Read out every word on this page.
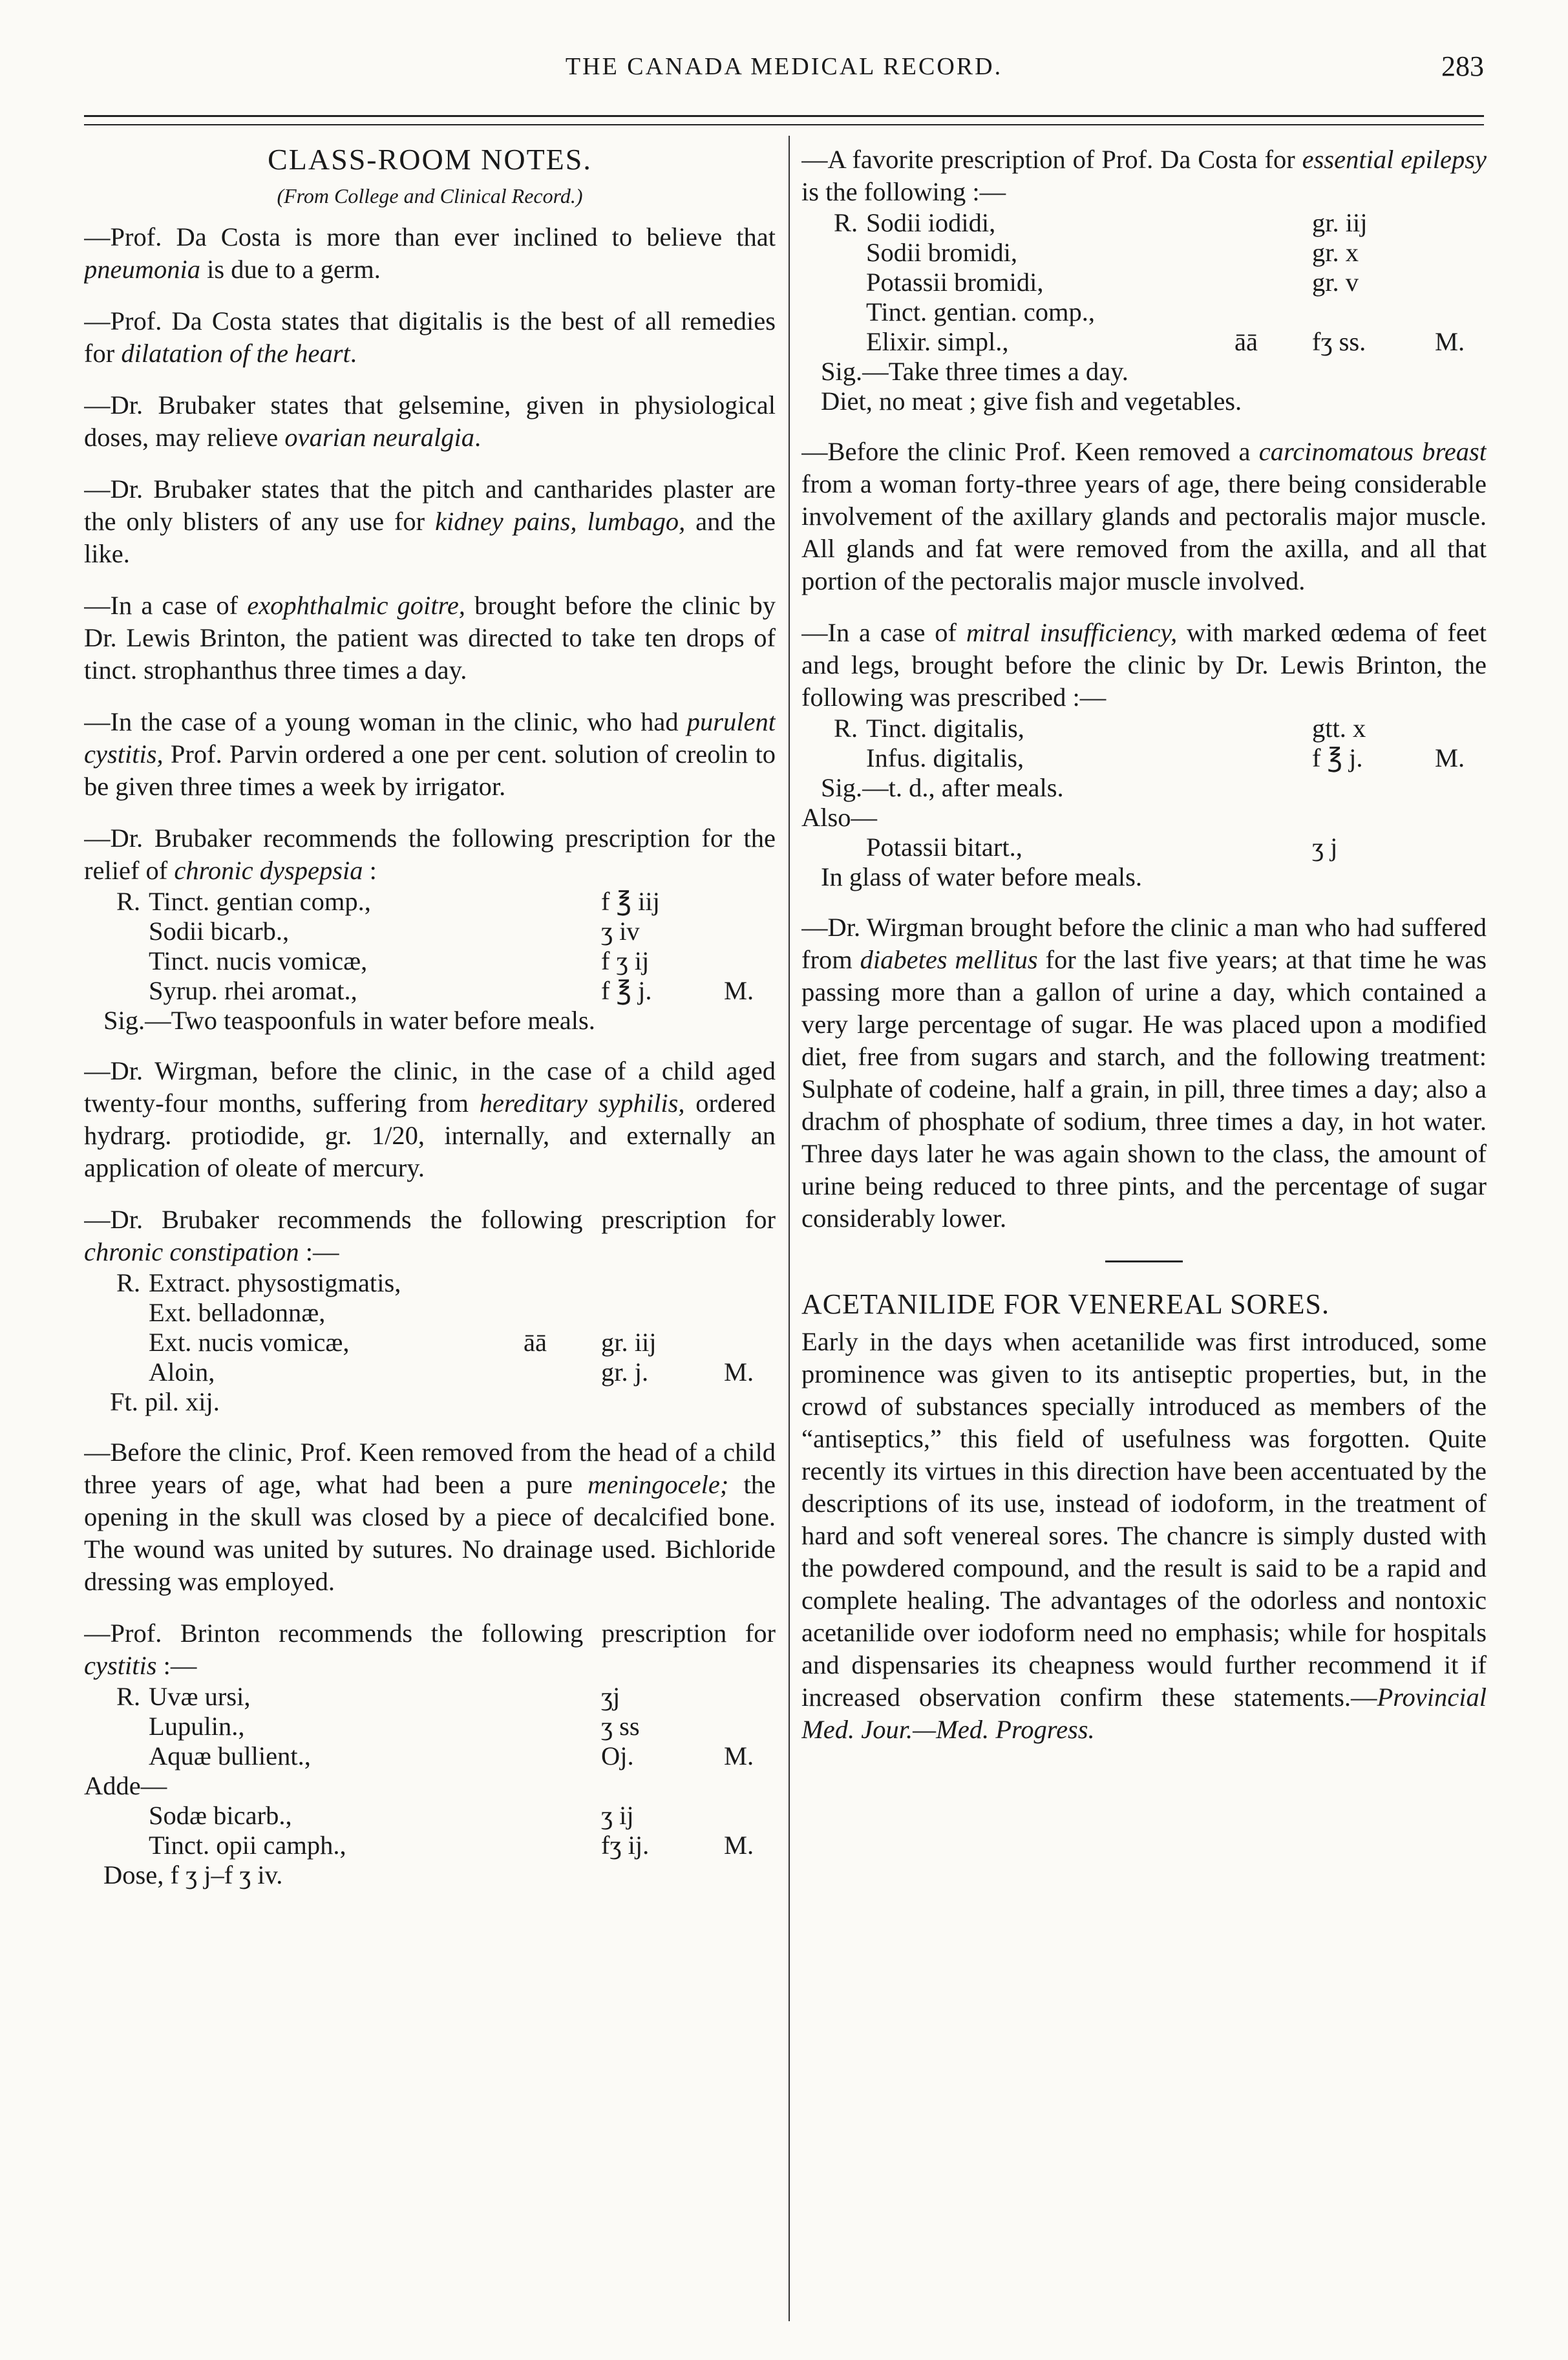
THE CANADA MEDICAL RECORD.	283
CLASS-ROOM NOTES.
(From College and Clinical Record.)

—Prof. Da Costa is more than ever inclined to believe that pneumonia is due to a germ.

—Prof. Da Costa states that digitalis is the best of all remedies for dilatation of the heart.

—Dr. Brubaker states that gelsemine, given in physiological doses, may relieve ovarian neuralgia.

—Dr. Brubaker states that the pitch and cantharides plaster are the only blisters of any use for kidney pains, lumbago, and the like.

—In a case of exophthalmic goitre, brought before the clinic by Dr. Lewis Brinton, the patient was directed to take ten drops of tinct. strophanthus three times a day.

—In the case of a young woman in the clinic, who had purulent cystitis, Prof. Parvin ordered a one per cent. solution of creolin to be given three times a week by irrigator.

—Dr. Brubaker recommends the following prescription for the relief of chronic dyspepsia :

R. Tinct. gentian comp.,	f ℥ iij
Sodii bicarb.,	ʒ iv
Tinct. nucis vomicæ,	f ʒ ij
Syrup. rhei aromat.,	f ℥ j.	M.
Sig.—Two teaspoonfuls in water before meals.

—Dr. Wirgman, before the clinic, in the case of a child aged twenty-four months, suffering from hereditary syphilis, ordered hydrarg. protiodide, gr. 1/20, internally, and externally an application of oleate of mercury.

—Dr. Brubaker recommends the following prescription for chronic constipation :—

R. Extract. physostigmatis,
Ext. belladonnæ,
Ext. nucis vomicæ,	āā	gr. iij
Aloin,	gr. j.	M.
Ft. pil. xij.

—Before the clinic, Prof. Keen removed from the head of a child three years of age, what had been a pure meningocele; the opening in the skull was closed by a piece of decalcified bone. The wound was united by sutures. No drainage used. Bichloride dressing was employed.

—Prof. Brinton recommends the following prescription for cystitis :—

R. Uvæ ursi,	ʒj
Lupulin.,	ʒ ss
Aquæ bullient.,	Oj.	M.
Adde—
Sodæ bicarb.,	ʒ ij
Tinct. opii camph.,	fʒ ij.	M.
Dose, f ʒ j–f ʒ iv.

—A favorite prescription of Prof. Da Costa for essential epilepsy is the following :—

R. Sodii iodidi,	gr. iij
Sodii bromidi,	gr. x
Potassii bromidi,	gr. v
Tinct. gentian. comp.,
Elixir. simpl.,	āā	fʒ ss.	M.
Sig.—Take three times a day.
Diet, no meat ; give fish and vegetables.

—Before the clinic Prof. Keen removed a carcinomatous breast from a woman forty-three years of age, there being considerable involvement of the axillary glands and pectoralis major muscle. All glands and fat were removed from the axilla, and all that portion of the pectoralis major muscle involved.

—In a case of mitral insufficiency, with marked œdema of feet and legs, brought before the clinic by Dr. Lewis Brinton, the following was prescribed :—

R. Tinct. digitalis,	gtt. x
Infus. digitalis,	f ℥ j.	M.
Sig.—t. d., after meals.
Also—
Potassii bitart.,	ʒ j
In glass of water before meals.

—Dr. Wirgman brought before the clinic a man who had suffered from diabetes mellitus for the last five years; at that time he was passing more than a gallon of urine a day, which contained a very large percentage of sugar. He was placed upon a modified diet, free from sugars and starch, and the following treatment: Sulphate of codeine, half a grain, in pill, three times a day; also a drachm of phosphate of sodium, three times a day, in hot water. Three days later he was again shown to the class, the amount of urine being reduced to three pints, and the percentage of sugar considerably lower.

ACETANILIDE FOR VENEREAL SORES.

Early in the days when acetanilide was first introduced, some prominence was given to its antiseptic properties, but, in the crowd of substances specially introduced as members of the “antiseptics,” this field of usefulness was forgotten. Quite recently its virtues in this direction have been accentuated by the descriptions of its use, instead of iodoform, in the treatment of hard and soft venereal sores. The chancre is simply dusted with the powdered compound, and the result is said to be a rapid and complete healing. The advantages of the odorless and nontoxic acetanilide over iodoform need no emphasis; while for hospitals and dispensaries its cheapness would further recommend it if increased observation confirm these statements.—Provincial Med. Jour.—Med. Progress.
